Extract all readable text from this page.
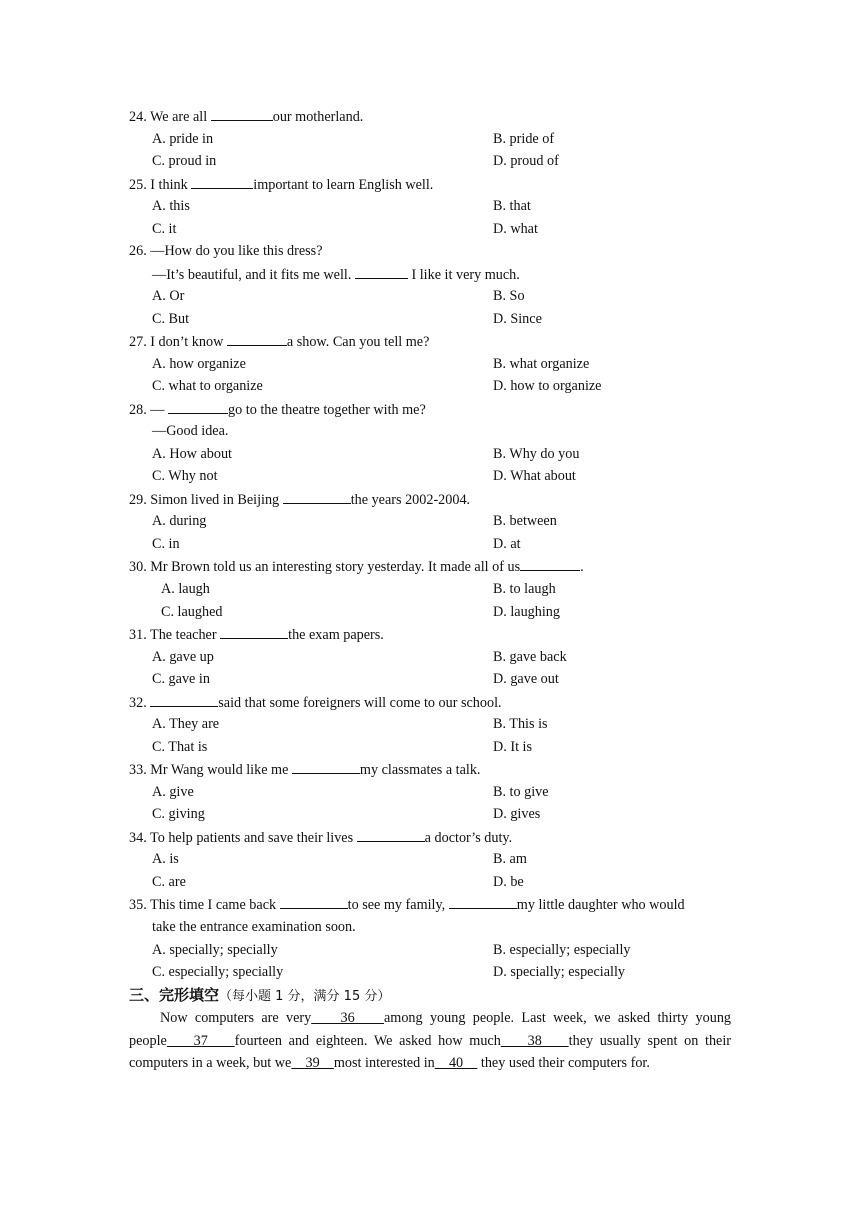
24. We are all	our motherland.
A. pride in	B. pride of
C. proud in	D. proud of
25. I think	important to learn English well.
A. this	B. that
C. it	D. what
26. —How do you like this dress?
—It’s beautiful, and it fits me well.	I like it very much.
A. Or	B. So
C. But	D. Since
27. I don’t know	a show. Can you tell me?
A. how organize	B. what organize
C. what to organize	D. how to organize
28. —	go to the theatre together with me?
—Good idea.
A. How about	B. Why do you
C. Why not	D. What about
29. Simon lived in Beijing	the years 2002-2004.
A. during	B. between
C. in	D. at
30. Mr Brown told us an interesting story yesterday. It made all of us	.
A. laugh	B. to laugh
C. laughed	D. laughing
31. The teacher	the exam papers.
A. gave up	B. gave back
C. gave in	D. gave out
32.	said that some foreigners will come to our school.
A. They are	B. This is
C. That is	D. It is
33. Mr Wang would like me	my classmates a talk.
A. give	B. to give
C. giving	D. gives
34. To help patients and save their lives	a doctor’s duty.
A. is	B. am
C. are	D. be
35. This time I came back	to see my family,	my little daughter who would
take the entrance examination soon.
A. specially; specially	B. especially; especially
C. especially; specially	D. specially; especially
三、完形填空（每小题 1 分，满分 15 分）
Now computers are very    36    among young people. Last week, we asked thirty young
people    37    fourteen and eighteen. We asked how much    38    they usually spent on their
computers in a week, but we    39    most interested in    40     they used their computers for.
